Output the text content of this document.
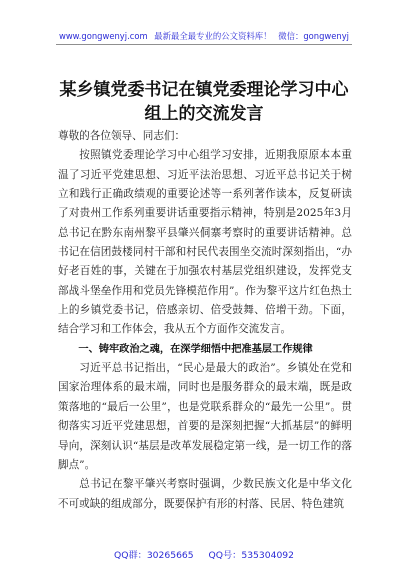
www.gongwenyj.com 最新最全最专业的公文资料库！ 微信：gongwenyj
某乡镇党委书记在镇党委理论学习中心组上的交流发言

尊敬的各位领导、同志们：

按照镇党委理论学习中心组学习安排，近期我原原本本重温了习近平党建思想、习近平法治思想、习近平总书记关于树立和践行正确政绩观的重要论述等一系列著作读本，反复研读了对贵州工作系列重要讲话重要指示精神，特别是2025年3月总书记在黔东南州黎平县肇兴侗寨考察时的重要讲话精神。总书记在信团鼓楼同村干部和村民代表围坐交流时深刻指出，“办好老百姓的事，关键在于加强农村基层党组织建设，发挥党支部战斗堡垒作用和党员先锋模范作用”。作为黎平这片红色热土上的乡镇党委书记，倍感亲切、倍受鼓舞、倍增干劲。下面，结合学习和工作体会，我从五个方面作交流发言。

一、铸牢政治之魂，在深学细悟中把准基层工作规律

习近平总书记指出，“民心是最大的政治”。乡镇处在党和国家治理体系的最末端，同时也是服务群众的最末端，既是政策落地的“最后一公里”，也是党联系群众的“最先一公里”。贯彻落实习近平党建思想，首要的是深刻把握“大抓基层”的鲜明导向，深刻认识“基层是改革发展稳定第一线，是一切工作的落脚点”。

总书记在黎平肇兴考察时强调，少数民族文化是中华文化不可或缺的组成部分，既要保护有形的村落、民居、特色建筑

QQ群：30265665 QQ号：535304092
